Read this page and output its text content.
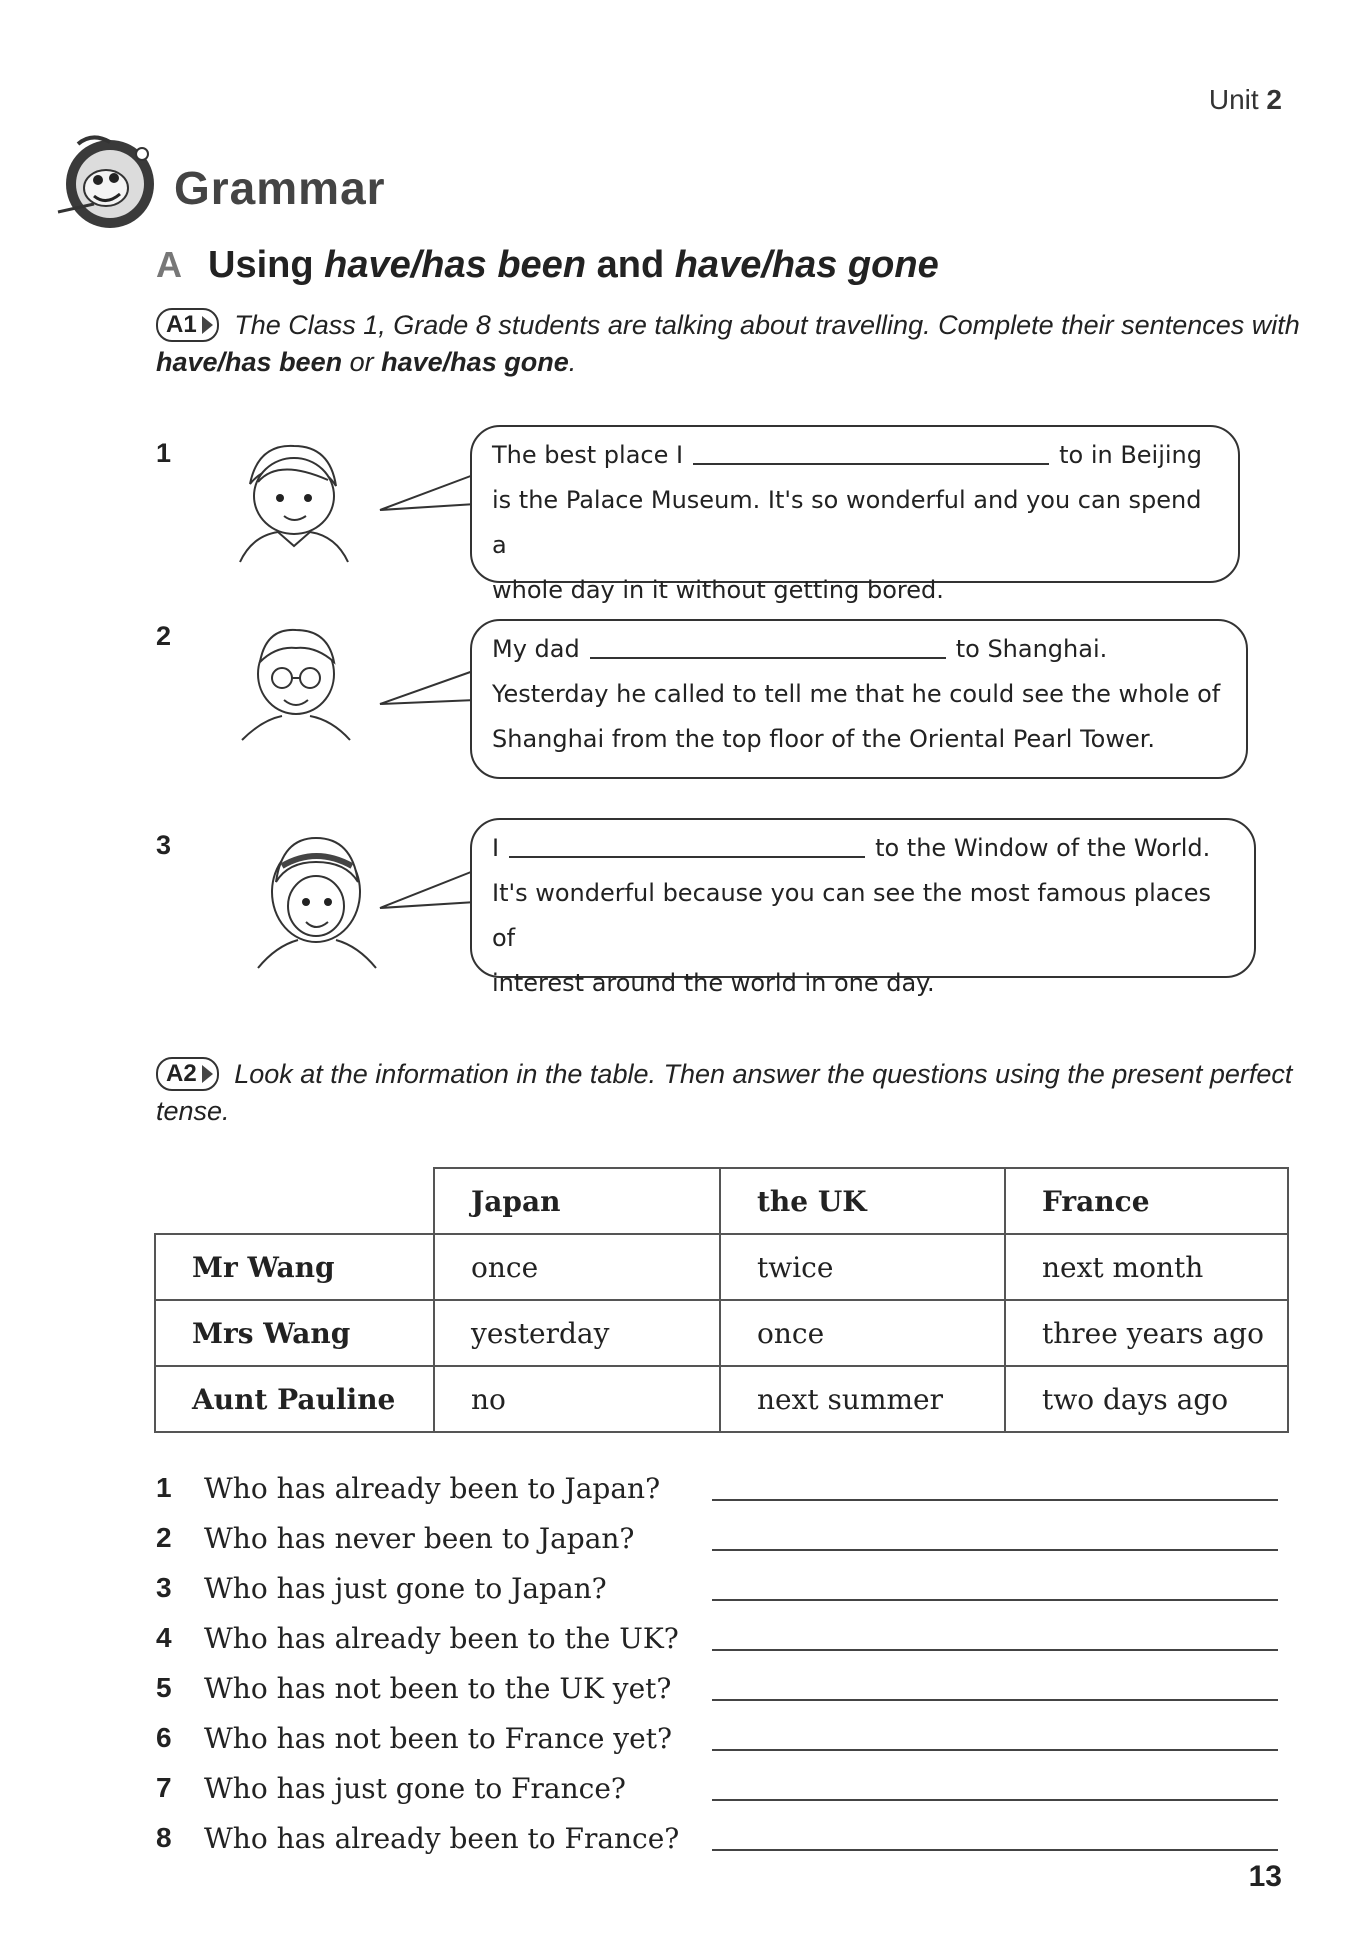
Unit 2
Grammar
A Using have/has been and have/has gone
A1 The Class 1, Grade 8 students are talking about travelling. Complete their sentences with have/has been or have/has gone.
1	The best place I	to in Beijing
is the Palace Museum. It's so wonderful and you can spend a
whole day in it without getting bored.
2	My dad	to Shanghai.
Yesterday he called to tell me that he could see the whole of
Shanghai from the top floor of the Oriental Pearl Tower.
3	I	to the Window of the World.
It's wonderful because you can see the most famous places of
interest around the world in one day.
A2 Look at the information in the table. Then answer the questions using the present perfect tense.
	Japan	the UK	France
Mr Wang	once	twice	next month
Mrs Wang	yesterday	once	three years ago
Aunt Pauline	no	next summer	two days ago
1	Who has already been to Japan?
2	Who has never been to Japan?
3	Who has just gone to Japan?
4	Who has already been to the UK?
5	Who has not been to the UK yet?
6	Who has not been to France yet?
7	Who has just gone to France?
8	Who has already been to France?
13
